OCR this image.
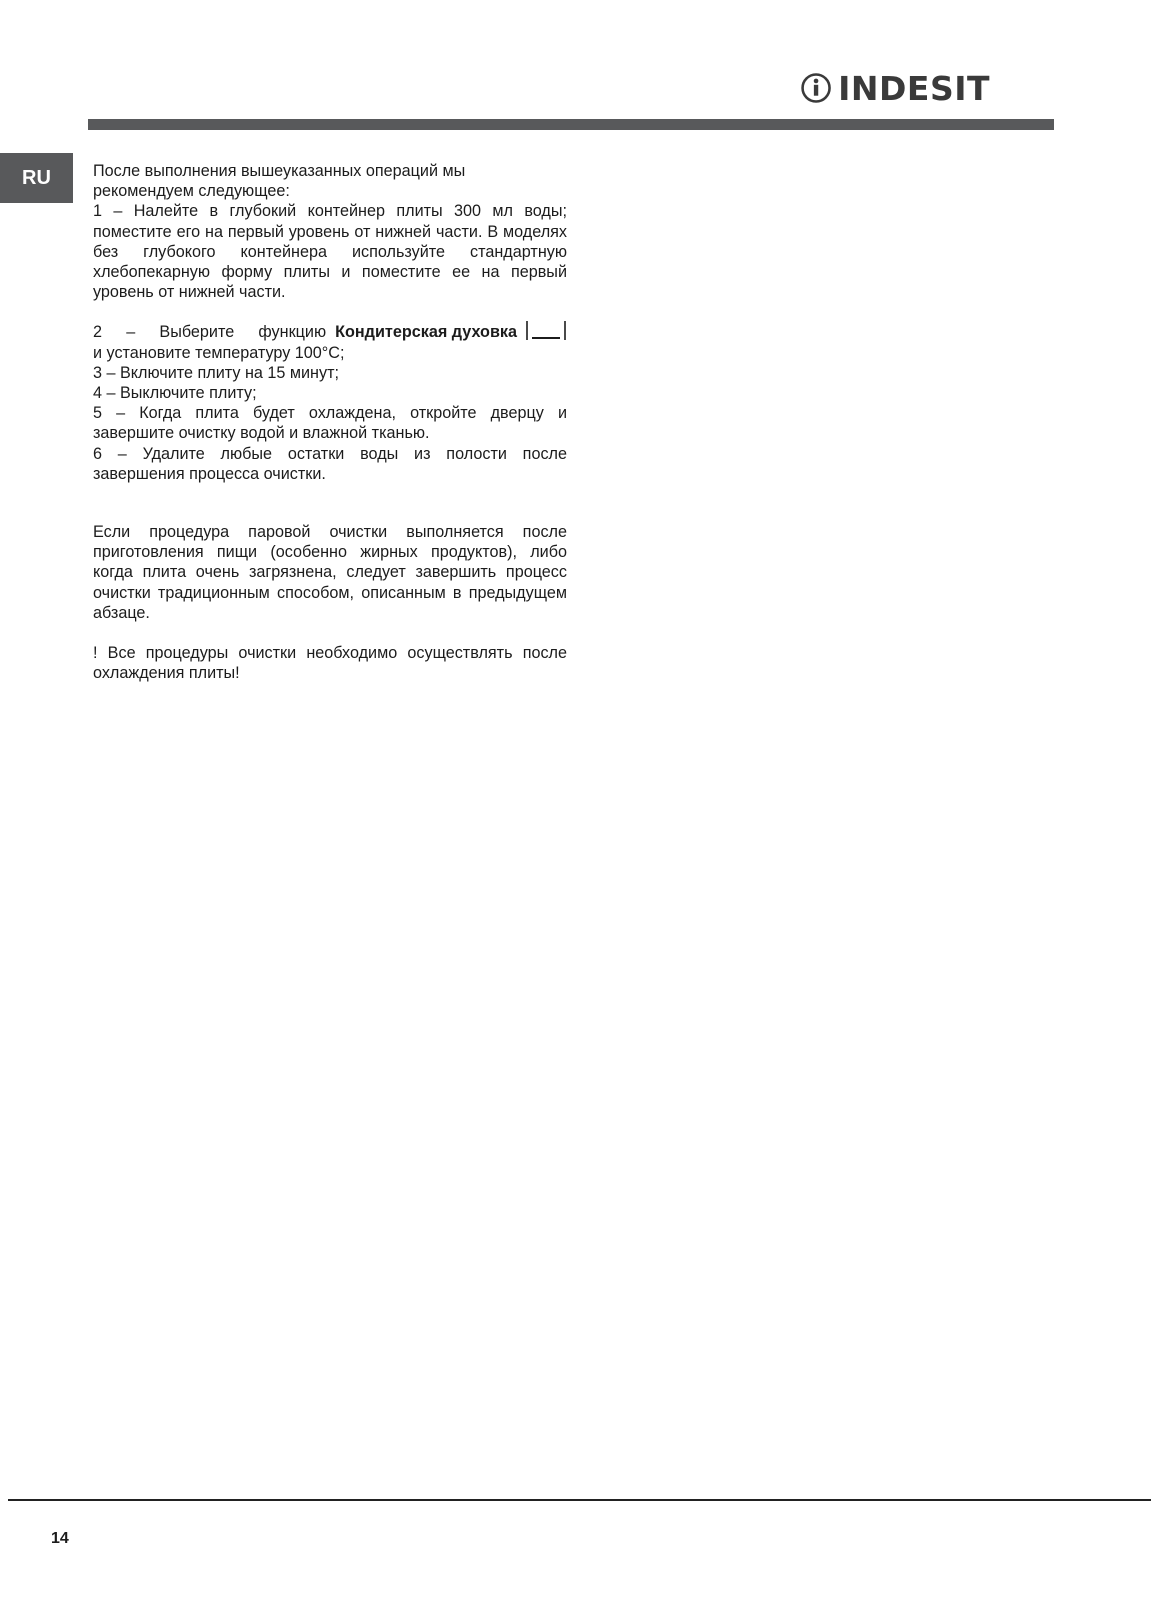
INDESIT
RU	После выполнения вышеуказанных операций мы

рекомендуем следующее:

1 – Налейте в глубокий контейнер плиты 300 мл воды; поместите его на первый уровень от нижней части. В моделях без глубокого контейнера используйте стандартную хлебопекарную форму плиты и поместите ее на первый уровень от нижней части.

2 – Выберите функцию Кондитерская духовка

и установите температуру 100°С;

3 – Включите плиту на 15 минут;

4 – Выключите плиту;

5 – Когда плита будет охлаждена, откройте дверцу и завершите очистку водой и влажной тканью.

6 – Удалите любые остатки воды из полости после завершения процесса очистки.

Если процедура паровой очистки выполняется после приготовления пищи (особенно жирных продуктов), либо когда плита очень загрязнена, следует завершить процесс очистки традиционным способом, описанным в предыдущем абзаце.

! Все процедуры очистки необходимо осуществлять после охлаждения плиты!

14
